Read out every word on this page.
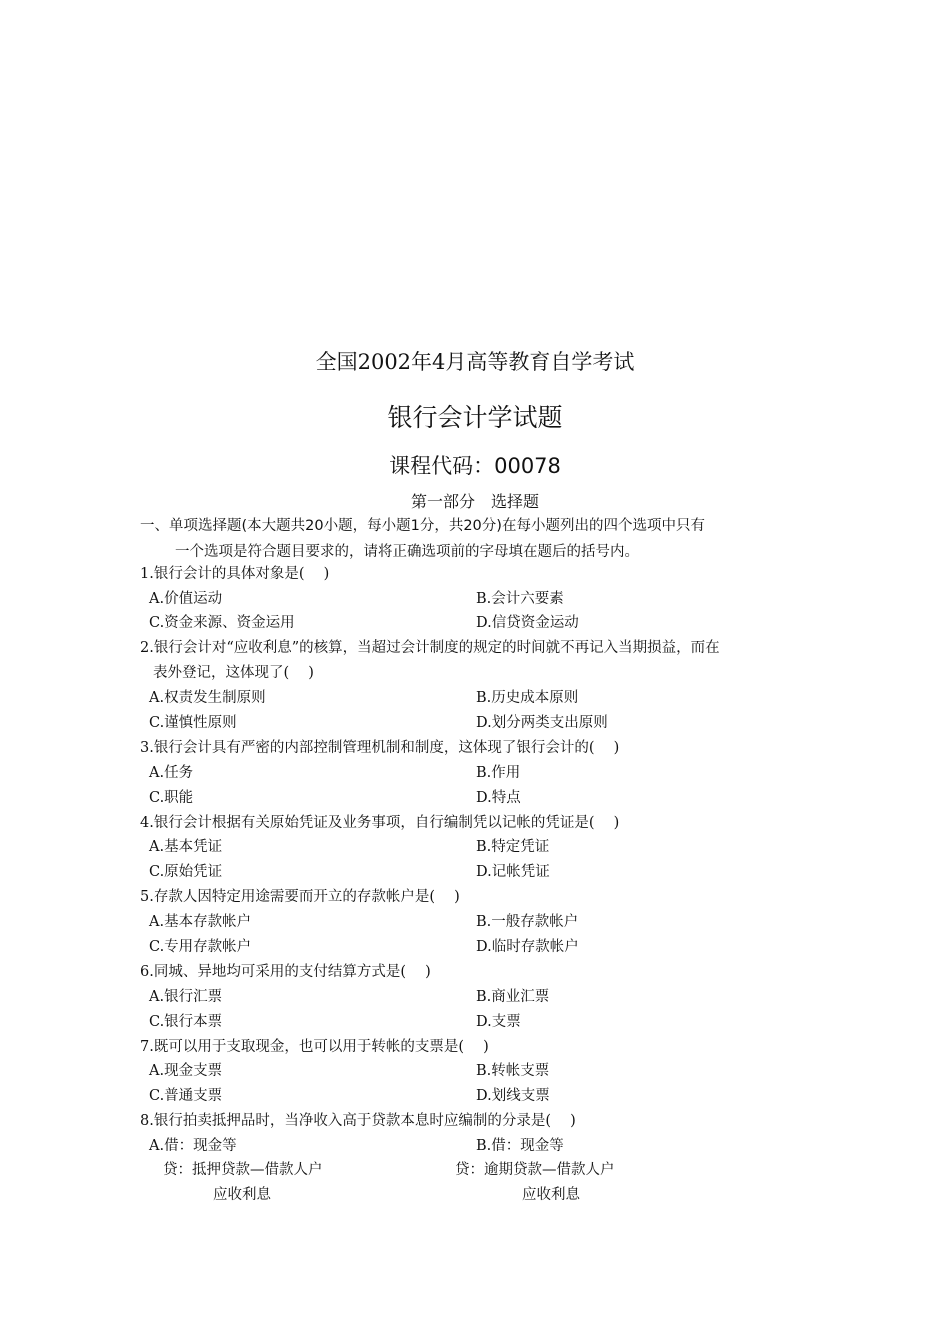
全国2002年4月高等教育自学考试
银行会计学试题
课程代码：00078
第一部分　选择题
一、单项选择题(本大题共20小题，每小题1分，共20分)在每小题列出的四个选项中只有
一个选项是符合题目要求的，请将正确选项前的字母填在题后的括号内。
1.银行会计的具体对象是(　 )
A.价值运动	B.会计六要素
C.资金来源、资金运用	D.信贷资金运动
2.银行会计对“应收利息”的核算，当超过会计制度的规定的时间就不再记入当期损益，而在
表外登记，这体现了(　 )
A.权责发生制原则	B.历史成本原则
C.谨慎性原则	D.划分两类支出原则
3.银行会计具有严密的内部控制管理机制和制度，这体现了银行会计的(　 )
A.任务	B.作用
C.职能	D.特点
4.银行会计根据有关原始凭证及业务事项，自行编制凭以记帐的凭证是(　 )
A.基本凭证	B.特定凭证
C.原始凭证	D.记帐凭证
5.存款人因特定用途需要而开立的存款帐户是(　 )
A.基本存款帐户	B.一般存款帐户
C.专用存款帐户	D.临时存款帐户
6.同城、异地均可采用的支付结算方式是(　 )
A.银行汇票	B.商业汇票
C.银行本票	D.支票
7.既可以用于支取现金，也可以用于转帐的支票是(　 )
A.现金支票	B.转帐支票
C.普通支票	D.划线支票
8.银行拍卖抵押品时，当净收入高于贷款本息时应编制的分录是(　 )
A.借：现金等	B.借：现金等
贷：抵押贷款—借款人户	贷：逾期贷款—借款人户
应收利息	应收利息
